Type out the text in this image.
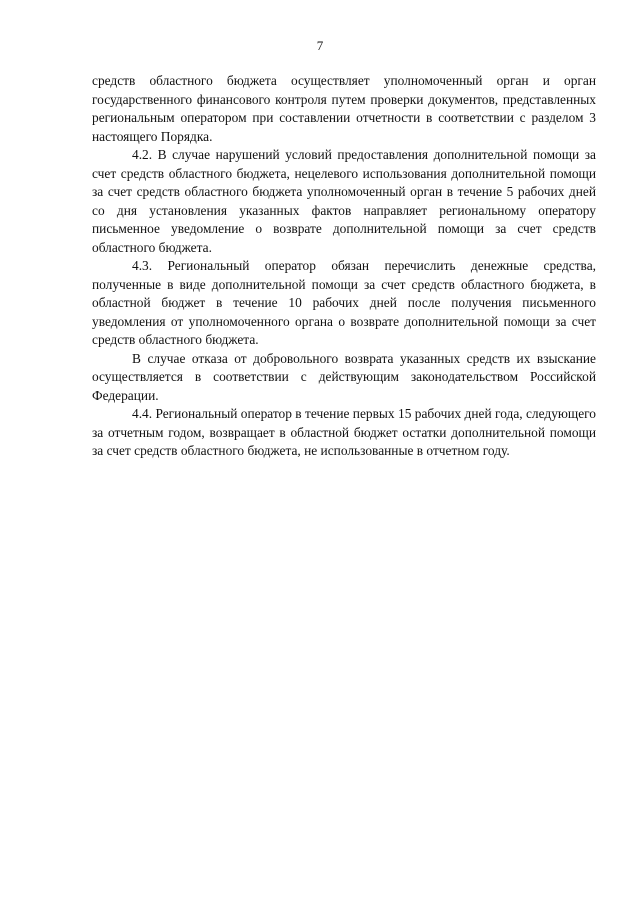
7

средств областного бюджета осуществляет уполномоченный орган и орган государственного финансового контроля путем проверки документов, представленных региональным оператором при составлении отчетности в соответствии с разделом 3 настоящего Порядка.

4.2. В случае нарушений условий предоставления дополнительной помощи за счет средств областного бюджета, нецелевого использования дополнительной помощи за счет средств областного бюджета уполномоченный орган в течение 5 рабочих дней со дня установления указанных фактов направляет региональному оператору письменное уведомление о возврате дополнительной помощи за счет средств областного бюджета.

4.3. Региональный оператор обязан перечислить денежные средства, полученные в виде дополнительной помощи за счет средств областного бюджета, в областной бюджет в течение 10 рабочих дней после получения письменного уведомления от уполномоченного органа о возврате дополнительной помощи за счет средств областного бюджета.

В случае отказа от добровольного возврата указанных средств их взыскание осуществляется в соответствии с действующим законодательством Российской Федерации.

4.4. Региональный оператор в течение первых 15 рабочих дней года, следующего за отчетным годом, возвращает в областной бюджет остатки дополнительной помощи за счет средств областного бюджета, не использованные в отчетном году.
